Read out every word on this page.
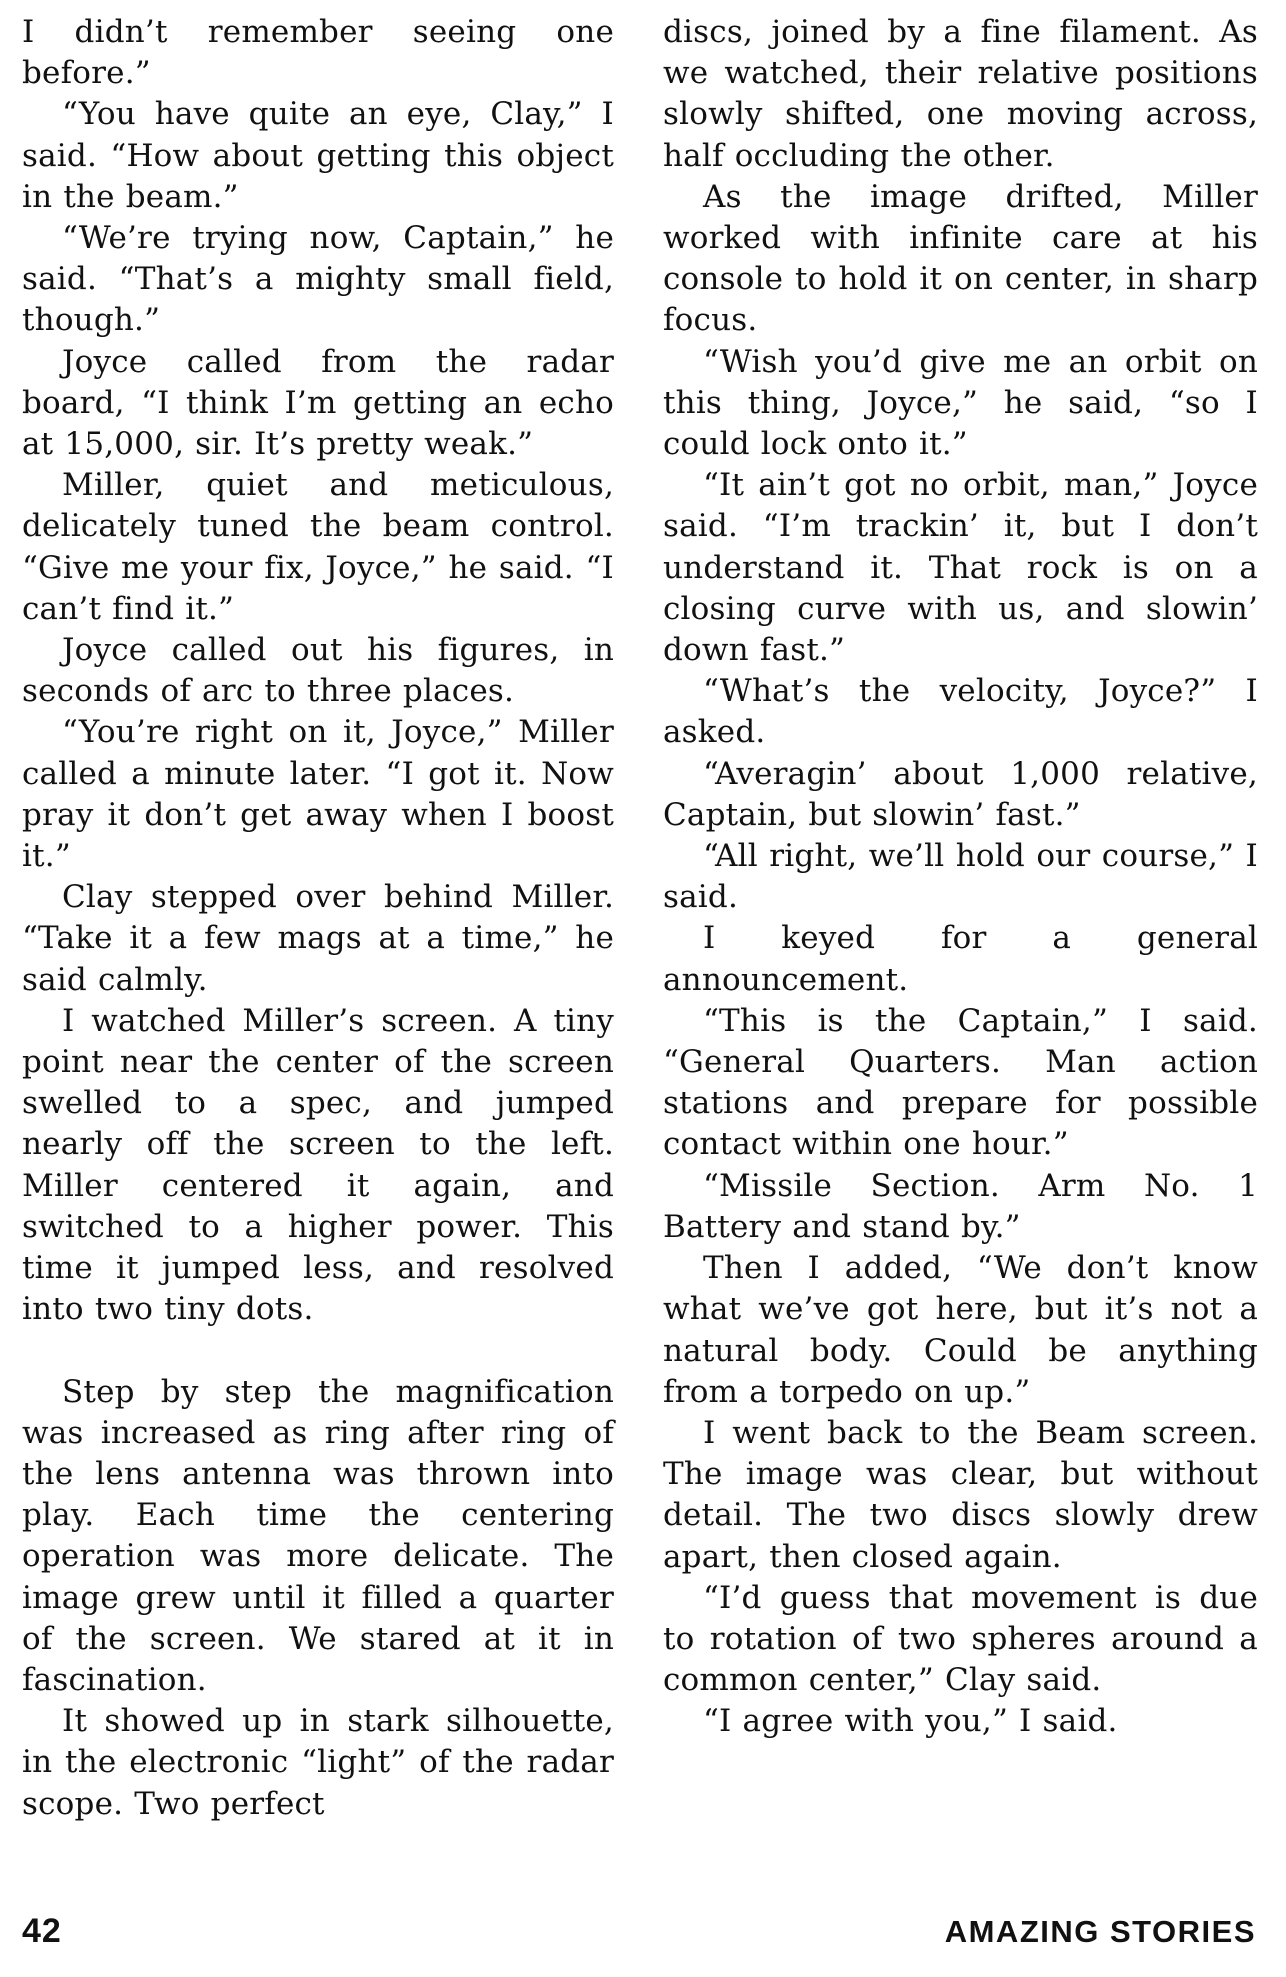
I didn’t remember seeing one before.”

“You have quite an eye, Clay,” I said. “How about getting this object in the beam.”

“We’re trying now, Captain,” he said. “That’s a mighty small field, though.”

Joyce called from the radar board, “I think I’m getting an echo at 15,000, sir. It’s pretty weak.”

Miller, quiet and meticulous, delicately tuned the beam control. “Give me your fix, Joyce,” he said. “I can’t find it.”

Joyce called out his figures, in seconds of arc to three places.

“You’re right on it, Joyce,” Miller called a minute later. “I got it. Now pray it don’t get away when I boost it.”

Clay stepped over behind Miller. “Take it a few mags at a time,” he said calmly.

I watched Miller’s screen. A tiny point near the center of the screen swelled to a spec, and jumped nearly off the screen to the left. Miller centered it again, and switched to a higher power. This time it jumped less, and resolved into two tiny dots.

Step by step the magnification was increased as ring after ring of the lens antenna was thrown into play. Each time the centering operation was more delicate. The image grew until it filled a quarter of the screen. We stared at it in fascination.

It showed up in stark silhouette, in the electronic “light” of the radar scope. Two perfect

discs, joined by a fine filament. As we watched, their relative positions slowly shifted, one moving across, half occluding the other.

As the image drifted, Miller worked with infinite care at his console to hold it on center, in sharp focus.

“Wish you’d give me an orbit on this thing, Joyce,” he said, “so I could lock onto it.”

“It ain’t got no orbit, man,” Joyce said. “I’m trackin’ it, but I don’t understand it. That rock is on a closing curve with us, and slowin’ down fast.”

“What’s the velocity, Joyce?” I asked.

“Averagin’ about 1,000 relative, Captain, but slowin’ fast.”

“All right, we’ll hold our course,” I said.

I keyed for a general announcement.

“This is the Captain,” I said. “General Quarters. Man action stations and prepare for possible contact within one hour.”

“Missile Section. Arm No. 1 Battery and stand by.”

Then I added, “We don’t know what we’ve got here, but it’s not a natural body. Could be anything from a torpedo on up.”

I went back to the Beam screen. The image was clear, but without detail. The two discs slowly drew apart, then closed again.

“I’d guess that movement is due to rotation of two spheres around a common center,” Clay said.

“I agree with you,” I said.

42	AMAZING STORIES
